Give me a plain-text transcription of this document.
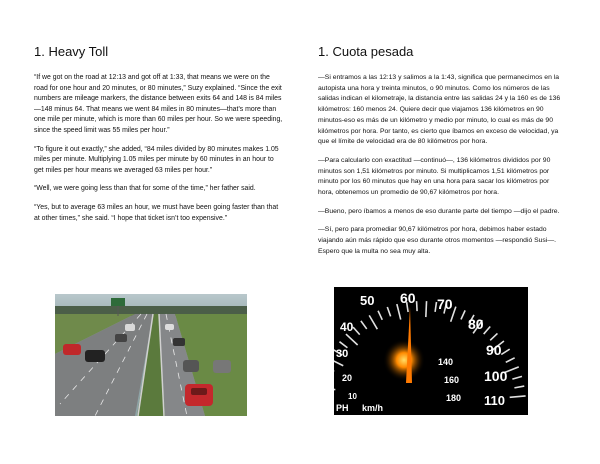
1. Heavy Toll

“If we got on the road at 12:13 and got off at 1:33, that means we were on the road for one hour and 20 minutes, or 80 minutes,” Suzy explained. “Since the exit numbers are mileage markers, the distance between exits 64 and 148 is 84 miles—148 minus 64. That means we went 84 miles in 80 minutes—that’s more than one mile per minute, which is more than 60 miles per hour. So we were speeding, since the speed limit was 55 miles per hour.”

“To figure it out exactly,” she added, “84 miles divided by 80 minutes makes 1.05 miles per minute. Multiplying 1.05 miles per minute by 60 minutes in an hour to get miles per hour means we averaged 63 miles per hour.”

“Well, we were going less than that for some of the time,” her father said.

“Yes, but to average 63 miles an hour, we must have been going faster than that at other times,” she said. “I hope that ticket isn’t too expensive.”

1. Cuota pesada

—Si entramos a las 12:13 y salimos a la 1:43, significa que permanecimos en la autopista una hora y treinta minutos, o 90 minutos. Como los números de las salidas indican el kilometraje, la distancia entre las salidas 24 y la 160 es de 136 kilómetros: 160 menos 24. Quiere decir que viajamos 136 kilómetros en 90 minutos-eso es más de un kilómetro y medio por minuto, lo cual es más de 90 kilómetros por hora. Por tanto, es cierto que íbamos en exceso de velocidad, ya que el límite de velocidad era de 80 kilómetros por hora.

—Para calcularlo con exactitud —continuó—, 136 kilómetros divididos por 90 minutos son 1,51 kilómetros por minuto. Si multiplicamos 1,51 kilómetros por minuto por los 60 minutos que hay en una hora para sacar los kilómetros por hora, obtenemos un promedio de 90,67 kilómetros por hora.

—Bueno, pero íbamos a menos de eso durante parte del tiempo —dijo el padre.

—Sí, pero para promediar 90,67 kilómetros por hora, debimos haber estado viajando aún más rápido que eso durante otros momentos —respondió Susi—. Espero que la multa no sea muy alta.

50 60 70
40	80
30	90
20	100
10	110
140
160
180
PH km/h
